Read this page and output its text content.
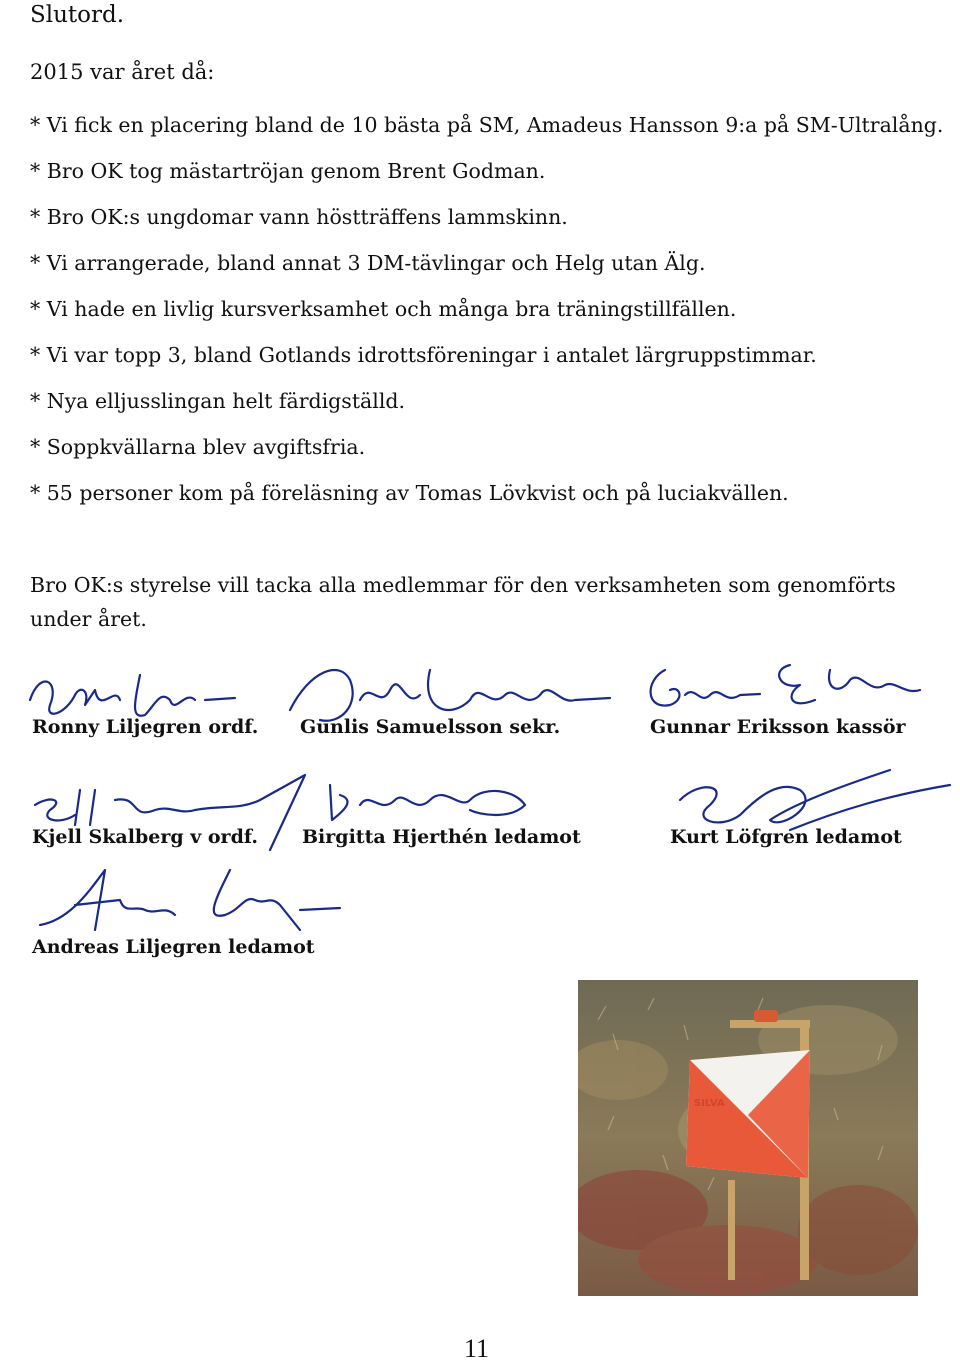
Slutord.
2015 var året då:
* Vi fick en placering bland de 10 bästa på SM, Amadeus Hansson 9:a på SM-Ultralång.
* Bro OK tog mästartröjan genom Brent Godman.
* Bro OK:s ungdomar vann höstträffens lammskinn.
* Vi arrangerade, bland annat 3 DM-tävlingar och Helg utan Älg.
* Vi hade en livlig kursverksamhet och många bra träningstillfällen.
* Vi var topp 3, bland Gotlands idrottsföreningar i antalet lärgruppstimmar.
* Nya elljusslingan helt färdigställd.
* Soppkvällarna blev avgiftsfria.
* 55 personer kom på föreläsning av Tomas Lövkvist och på luciakvällen.
Bro OK:s styrelse vill tacka alla medlemmar för den verksamheten som genomförts under året.
Ronny Liljegren ordf. Gunlis Samuelsson sekr.	Gunnar Eriksson kassör
Kjell Skalberg v ordf. Birgitta Hjerthén ledamot	Kurt Löfgren ledamot
Andreas Liljegren ledamot
SILVA
11
